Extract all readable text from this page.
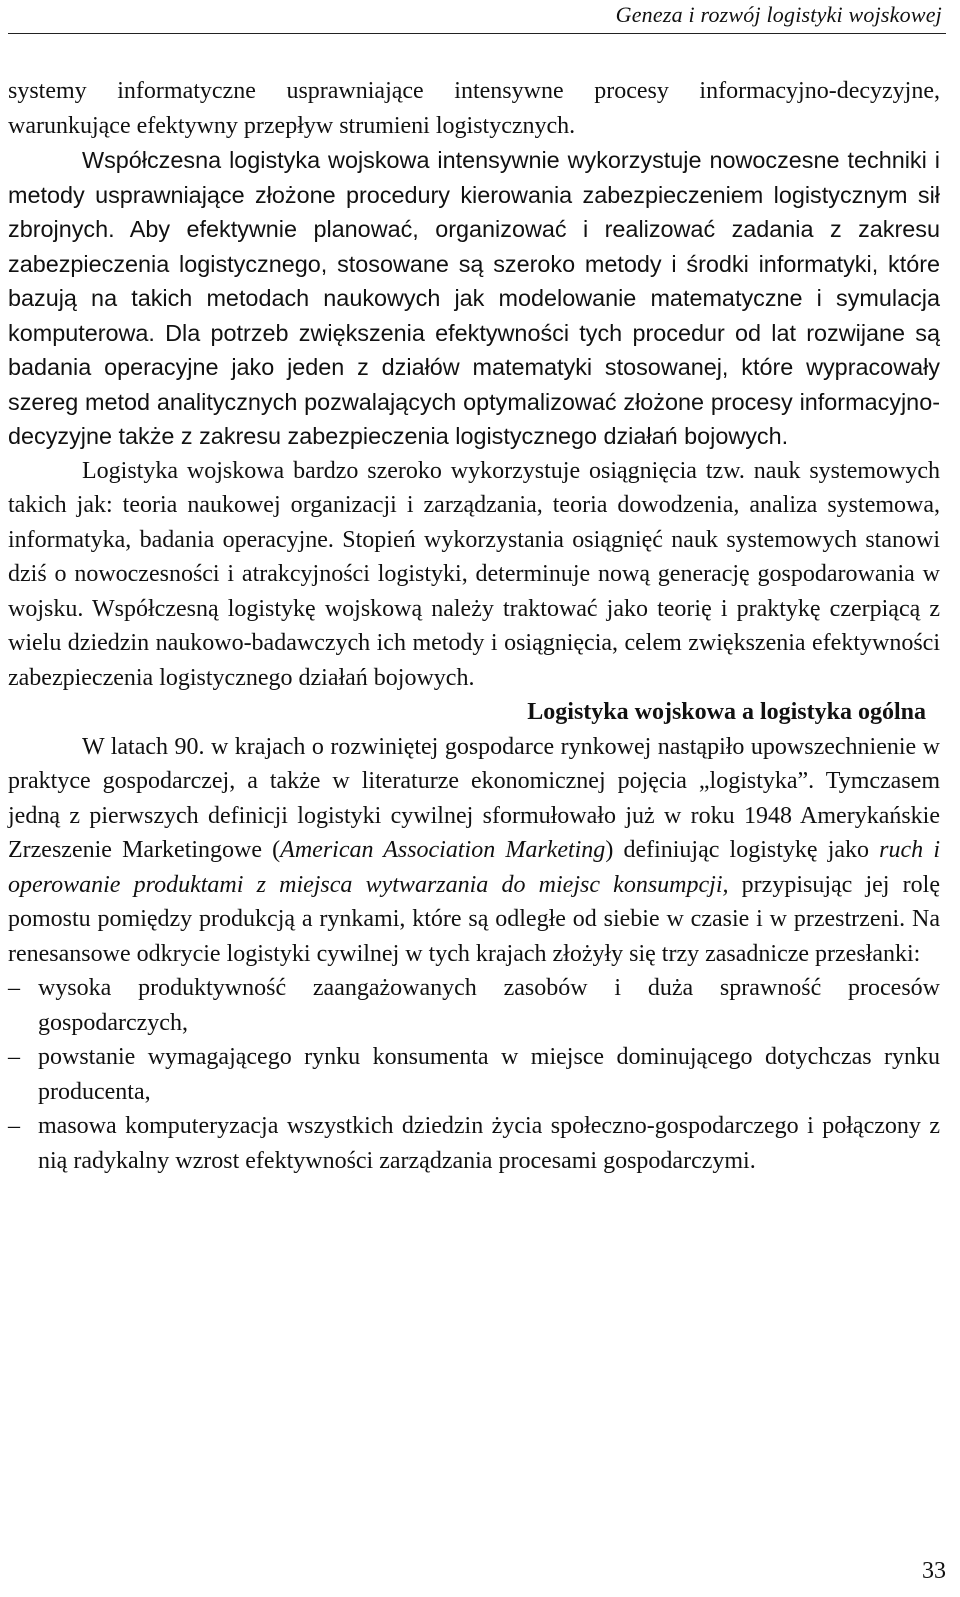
Geneza i rozwój logistyki wojskowej

systemy informatyczne usprawniające intensywne procesy informacyjno-decyzyjne, warunkujące efektywny przepływ strumieni logistycznych.

Współczesna logistyka wojskowa intensywnie wykorzystuje nowoczesne techniki i metody usprawniające złożone procedury kierowania zabezpieczeniem logistycznym sił zbrojnych. Aby efektywnie planować, organizować i realizować zadania z zakresu zabezpieczenia logistycznego, stosowane są szeroko metody i środki informatyki, które bazują na takich metodach naukowych jak modelowanie matematyczne i symulacja komputerowa. Dla potrzeb zwiększenia efektywności tych procedur od lat rozwijane są badania operacyjne jako jeden z działów matematyki stosowanej, które wypracowały szereg metod analitycznych pozwalających optymalizować złożone procesy informacyjno-decyzyjne także z zakresu zabezpieczenia logistycznego działań bojowych.

Logistyka wojskowa bardzo szeroko wykorzystuje osiągnięcia tzw. nauk systemowych takich jak: teoria naukowej organizacji i zarządzania, teoria dowodzenia, analiza systemowa, informatyka, badania operacyjne. Stopień wykorzystania osiągnięć nauk systemowych stanowi dziś o nowoczesności i atrakcyjności logistyki, determinuje nową generację gospodarowania w wojsku. Współczesną logistykę wojskową należy traktować jako teorię i praktykę czerpiącą z wielu dziedzin naukowo-badawczych ich metody i osiągnięcia, celem zwiększenia efektywności zabezpieczenia logistycznego działań bojowych.

Logistyka wojskowa a logistyka ogólna

W latach 90. w krajach o rozwiniętej gospodarce rynkowej nastąpiło upowszechnienie w praktyce gospodarczej, a także w literaturze ekonomicznej pojęcia „logistyka”. Tymczasem jedną z pierwszych definicji logistyki cywilnej sformułowało już w roku 1948 Amerykańskie Zrzeszenie Marketingowe (American Association Marketing) definiując logistykę jako ruch i operowanie produktami z miejsca wytwarzania do miejsc konsumpcji, przypisując jej rolę pomostu pomiędzy produkcją a rynkami, które są odległe od siebie w czasie i w przestrzeni. Na renesansowe odkrycie logistyki cywilnej w tych krajach złożyły się trzy zasadnicze przesłanki:

– wysoka produktywność zaangażowanych zasobów i duża sprawność procesów gospodarczych,
– powstanie wymagającego rynku konsumenta w miejsce dominującego dotychczas rynku producenta,
– masowa komputeryzacja wszystkich dziedzin życia społeczno-gospodarczego i połączony z nią radykalny wzrost efektywności zarządzania procesami gospodarczymi.
33
